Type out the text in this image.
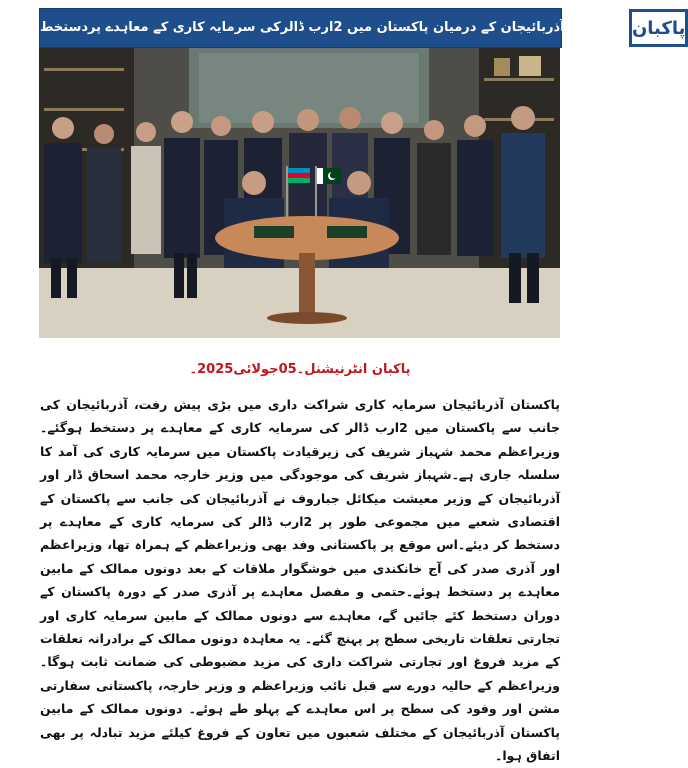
پاکستان آذربائیجان کے درمیان پاکستان میں 2ارب ڈالرکی سرمایہ کاری کے معاہدے پردستخط پاکبان
پاکبان انٹرنیشنل۔05جولائی2025۔
پاکستان آذربائیجان سرمایہ کاری شراکت داری میں بڑی پیش رفت، آذربائیجان کی جانب سے پاکستان میں 2ارب ڈالر کی سرمایہ کاری کے معاہدے پر دستخط ہوگئے۔ وزیراعظم محمد شہباز شریف کی زیرقیادت پاکستان میں سرمایہ کاری کی آمد کا سلسلہ جاری ہے۔شہباز شریف کی موجودگی میں وزیر خارجہ محمد اسحاق ڈار اور آذربائیجان کے وزیر معیشت میکائل جباروف نے آذربائیجان کی جانب سے پاکستان کے اقتصادی شعبے میں مجموعی طور پر 2ارب ڈالر کی سرمایہ کاری کے معاہدے پر دستخط کر دیئے۔اس موقع پر پاکستانی وفد بھی وزیراعظم کے ہمراہ تھا، وزیراعظم اور آذری صدر کی آج خانکندی میں خوشگوار ملاقات کے بعد دونوں ممالک کے مابین معاہدے پر دستخط ہوئے۔حتمی و مفصل معاہدے پر آذری صدر کے دورہ پاکستان کے دوران دستخط کئے جائیں گے، معاہدے سے دونوں ممالک کے مابین سرمایہ کاری اور تجارتی تعلقات تاریخی سطح پر پہنچ گئے۔ یہ معاہدہ دونوں ممالک کے برادرانہ تعلقات کے مزید فروغ اور تجارتی شراکت داری کی مزید مضبوطی کی ضمانت ثابت ہوگا۔ وزیراعظم کے حالیہ دورے سے قبل نائب وزیراعظم و وزیر خارجہ، پاکستانی سفارتی مشن اور وفود کی سطح پر اس معاہدے کے پہلو طے ہوئے۔ دونوں ممالک کے مابین پاکستان آذربائیجان کے مختلف شعبوں میں تعاون کے فروغ کیلئے مزید تبادلہ پر بھی اتفاق ہوا۔
